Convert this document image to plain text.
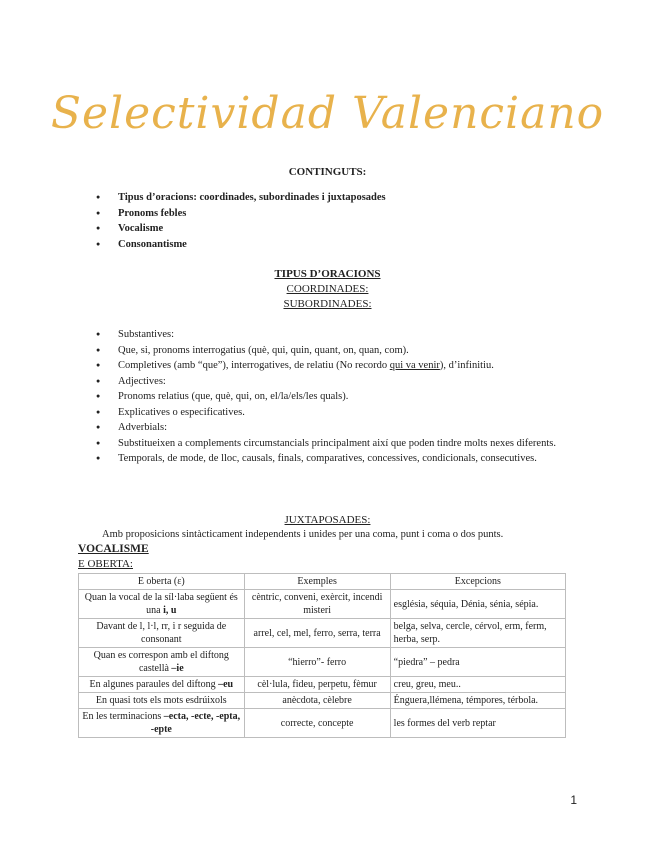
Selectividad Valenciano
CONTINGUTS:
● Tipus d’oracions: coordinades, subordinades i juxtaposades
● Pronoms febles
● Vocalisme
● Consonantisme
TIPUS D’ORACIONS
COORDINADES:
SUBORDINADES:
● Substantives:
● Que, si, pronoms interrogatius (què, qui, quin, quant, on, quan, com).
● Completives (amb “que”), interrogatives, de relatiu (No recordo qui va venir), d’infinitiu.
● Adjectives:
● Pronoms relatius (que, què, qui, on, el/la/els/les quals).
● Explicatives o especificatives.
● Adverbials:
● Substitueixen a complements circumstancials principalment així que poden tindre molts nexes diferents.
● Temporals, de mode, de lloc, causals, finals, comparatives, concessives, condicionals, consecutives.
JUXTAPOSADES:
Amb proposicions sintàcticament independents i unides per una coma, punt i coma o dos punts.
VOCALISME
E OBERTA:
E oberta (ɛ)	Exemples	Excepcions
Quan la vocal de la síl·laba següent és una i, u	cèntric, conveni, exèrcit, incendi misteri	església, séquia, Dénia, sénia, sépia.
Davant de l, l·l, rr, i r seguida de consonant	arrel, cel, mel, ferro, serra, terra	belga, selva, cercle, cérvol, erm, ferm, herba, serp.
Quan es correspon amb el diftong castellà –ie	“hierro”- ferro	“piedra” – pedra
En algunes paraules del diftong –eu	cèl·lula, fideu, perpetu, fèmur	creu, greu, meu..
En quasi tots els mots esdrúixols	anècdota, cèlebre	Énguera,llémena, témpores, térbola.
En les terminacions –ecta, -ecte, -epta, -epte	correcte, concepte	les formes del verb reptar
1
